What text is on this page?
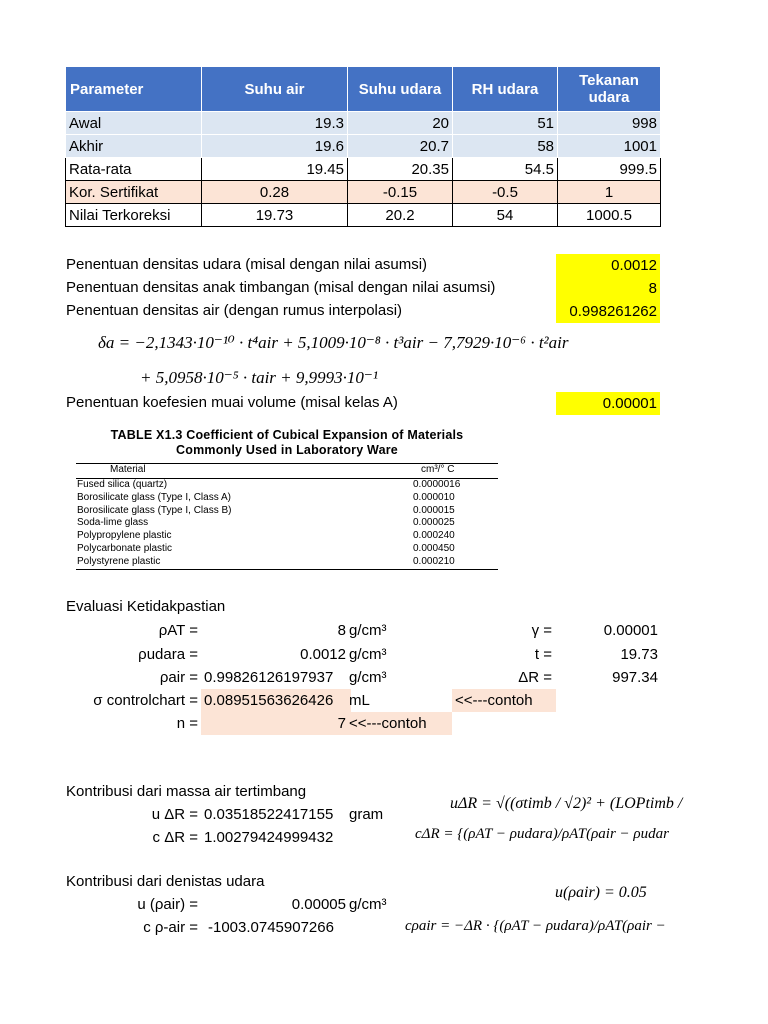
Parameter	Suhu air	Suhu udara	RH udara	Tekanan
udara
Awal	19.3	20	51	998
Akhir	19.6	20.7	58	1001
Rata-rata	19.45	20.35	54.5	999.5
Kor. Sertifikat	0.28	-0.15	-0.5	1
Nilai Terkoreksi	19.73	20.2	54	1000.5
Penentuan densitas udara (misal dengan nilai asumsi)	0.0012
Penentuan densitas anak timbangan (misal dengan nilai asumsi)	8
Penentuan densitas air (dengan rumus interpolasi)	0.998261262
δa = −2,1343·10⁻¹⁰ · t⁴air + 5,1009·10⁻⁸ · t³air − 7,7929·10⁻⁶ · t²air
+ 5,0958·10⁻⁵ · tair + 9,9993·10⁻¹
Penentuan koefesien muai volume (misal kelas A)	0.00001
TABLE X1.3 Coefficient of Cubical Expansion of Materials
Commonly Used in Laboratory Ware
Material	cm³/° C
Fused silica (quartz)	0.0000016
Borosilicate glass (Type I, Class A)	0.000010
Borosilicate glass (Type I, Class B)	0.000015
Soda-lime glass	0.000025
Polypropylene plastic	0.000240
Polycarbonate plastic	0.000450
Polystyrene plastic	0.000210
Evaluasi Ketidakpastian
ρAT =	8 g/cm³
ρudara =	0.0012 g/cm³
ρair = 0.99826126197937 g/cm³
σ controlchart = 0.08951563626426	mL	<<---contoh
n =	7 <<---contoh
γ =	0.00001
t =	19.73
ΔR =	997.34
Kontribusi dari massa air tertimbang
u ΔR = 0.03518522417155 gram
c ΔR = 1.00279424999432
uΔR = √((σtimb / √2)² + (LOPtimb /
cΔR = {(ρAT − ρudara)/ρAT(ρair − ρudar
Kontribusi dari denistas udara
u (ρair) =	0.00005 g/cm³
c ρ-air = -1003.0745907266
u(ρair) = 0.05
cρair = −ΔR · {(ρAT − ρudara)/ρAT(ρair −
